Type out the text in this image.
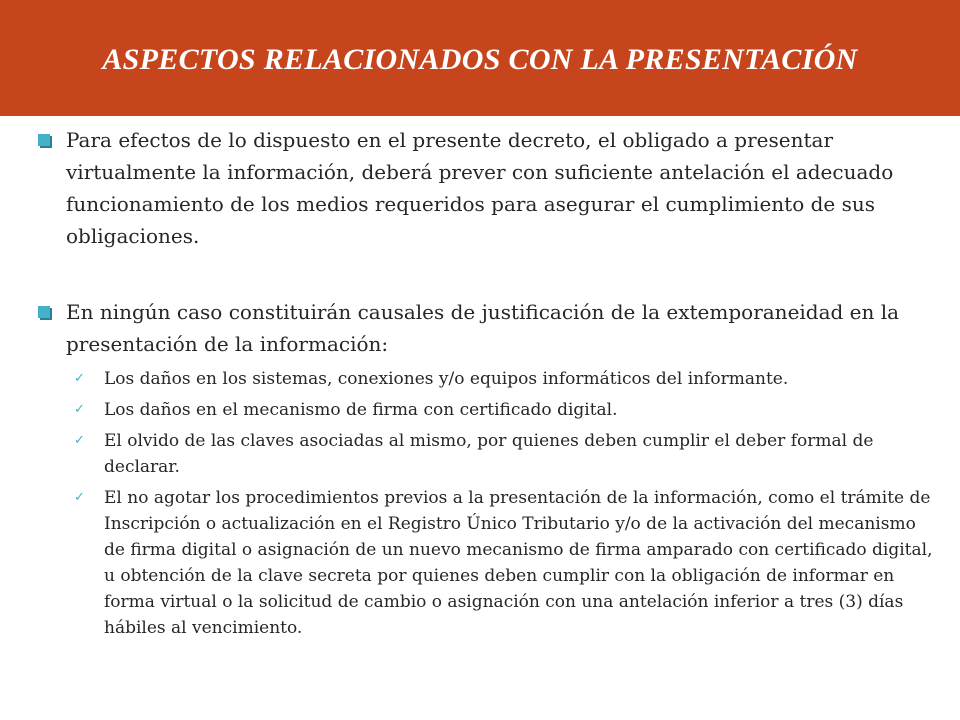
ASPECTOS RELACIONADOS CON LA PRESENTACIÓN
Para efectos de lo dispuesto en el presente decreto, el obligado a presentar virtualmente la información, deberá prever con suficiente antelación el adecuado funcionamiento de los medios requeridos para asegurar el cumplimiento de sus obligaciones.
En ningún caso constituirán causales de justificación de la extemporaneidad en la presentación de la información:
✓ Los daños en los sistemas, conexiones y/o equipos informáticos del informante.
✓ Los daños en el mecanismo de firma con certificado digital.
✓ El olvido de las claves asociadas al mismo, por quienes deben cumplir el deber formal de declarar.
✓ El no agotar los procedimientos previos a la presentación de la información, como el trámite de Inscripción o actualización en el Registro Único Tributario y/o de la activación del mecanismo de firma digital o asignación de un nuevo mecanismo de firma amparado con certificado digital, u obtención de la clave secreta por quienes deben cumplir con la obligación de informar en forma virtual o la solicitud de cambio o asignación con una antelación inferior a tres (3) días hábiles al vencimiento.
